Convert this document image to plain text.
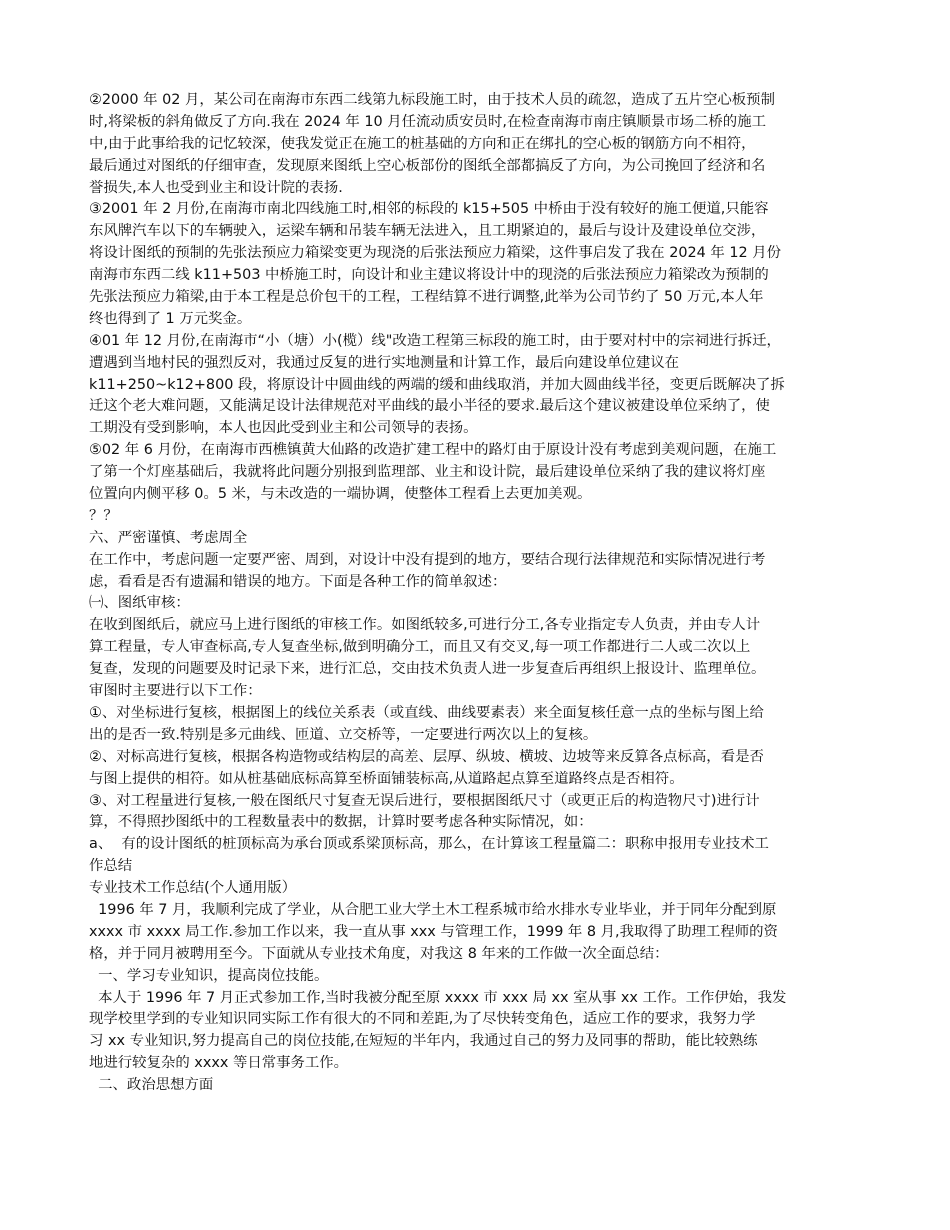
②2000 年 02 月，某公司在南海市东西二线第九标段施工时，由于技术人员的疏忽，造成了五片空心板预制
时,将梁板的斜角做反了方向.我在 2024 年 10 月任流动质安员时,在检查南海市南庄镇顺景市场二桥的施工
中,由于此事给我的记忆较深，使我发觉正在施工的桩基础的方向和正在绑扎的空心板的钢筋方向不相符，
最后通过对图纸的仔细审查，发现原来图纸上空心板部份的图纸全部都搞反了方向，为公司挽回了经济和名
誉损失,本人也受到业主和设计院的表扬.
③2001 年 2 月份,在南海市南北四线施工时,相邻的标段的 k15+505 中桥由于没有较好的施工便道,只能容
东风牌汽车以下的车辆驶入，运梁车辆和吊装车辆无法进入，且工期紧迫的，最后与设计及建设单位交涉，
将设计图纸的预制的先张法预应力箱梁变更为现浇的后张法预应力箱梁，这件事启发了我在 2024 年 12 月份
南海市东西二线 k11+503 中桥施工时，向设计和业主建议将设计中的现浇的后张法预应力箱梁改为预制的
先张法预应力箱梁,由于本工程是总价包干的工程，工程结算不进行调整,此举为公司节约了 50 万元,本人年
终也得到了 1 万元奖金。
④01 年 12 月份,在南海市“小（塘）小(榄）线"改造工程第三标段的施工时，由于要对村中的宗祠进行拆迁，
遭遇到当地村民的强烈反对，我通过反复的进行实地测量和计算工作，最后向建设单位建议在
k11+250~k12+800 段，将原设计中圆曲线的两端的缓和曲线取消，并加大圆曲线半径，变更后既解决了拆
迁这个老大难问题，又能满足设计法律规范对平曲线的最小半径的要求.最后这个建议被建设单位采纳了，使
工期没有受到影响，本人也因此受到业主和公司领导的表扬。
⑤02 年 6 月份，在南海市西樵镇黄大仙路的改造扩建工程中的路灯由于原设计没有考虑到美观问题，在施工
了第一个灯座基础后，我就将此问题分别报到监理部、业主和设计院，最后建设单位采纳了我的建议将灯座
位置向内侧平移 0。5 米，与未改造的一端协调，使整体工程看上去更加美观。
？？
六、严密谨慎、考虑周全
在工作中，考虑问题一定要严密、周到，对设计中没有提到的地方，要结合现行法律规范和实际情况进行考
虑，看看是否有遗漏和错误的地方。下面是各种工作的简单叙述：
㈠、图纸审核：
在收到图纸后，就应马上进行图纸的审核工作。如图纸较多,可进行分工,各专业指定专人负责，并由专人计
算工程量，专人审查标高,专人复查坐标,做到明确分工，而且又有交叉,每一项工作都进行二人或二次以上
复查，发现的问题要及时记录下来，进行汇总，交由技术负责人进一步复查后再组织上报设计、监理单位。
审图时主要进行以下工作：
①、对坐标进行复核，根据图上的线位关系表（或直线、曲线要素表）来全面复核任意一点的坐标与图上给
出的是否一致.特别是多元曲线、匝道、立交桥等，一定要进行两次以上的复核。
②、对标高进行复核，根据各构造物或结构层的高差、层厚、纵坡、横坡、边坡等来反算各点标高，看是否
与图上提供的相符。如从桩基础底标高算至桥面铺装标高,从道路起点算至道路终点是否相符。
③、对工程量进行复核,一般在图纸尺寸复查无误后进行，要根据图纸尺寸（或更正后的构造物尺寸)进行计
算，不得照抄图纸中的工程数量表中的数据，计算时要考虑各种实际情况，如：
a、  有的设计图纸的桩顶标高为承台顶或系梁顶标高，那么，在计算该工程量篇二：职称申报用专业技术工
作总结
专业技术工作总结(个人通用版）
1996 年 7 月，我顺利完成了学业，从合肥工业大学土木工程系城市给水排水专业毕业，并于同年分配到原
xxxx 市 xxxx 局工作.参加工作以来，我一直从事 xxx 与管理工作，1999 年 8 月,我取得了助理工程师的资
格，并于同月被聘用至今。下面就从专业技术角度，对我这 8 年来的工作做一次全面总结：
一、学习专业知识，提高岗位技能。
本人于 1996 年 7 月正式参加工作,当时我被分配至原 xxxx 市 xxx 局 xx 室从事 xx 工作。工作伊始，我发
现学校里学到的专业知识同实际工作有很大的不同和差距,为了尽快转变角色，适应工作的要求，我努力学
习 xx 专业知识,努力提高自己的岗位技能,在短短的半年内，我通过自己的努力及同事的帮助，能比较熟练
地进行较复杂的 xxxx 等日常事务工作。
二、政治思想方面
